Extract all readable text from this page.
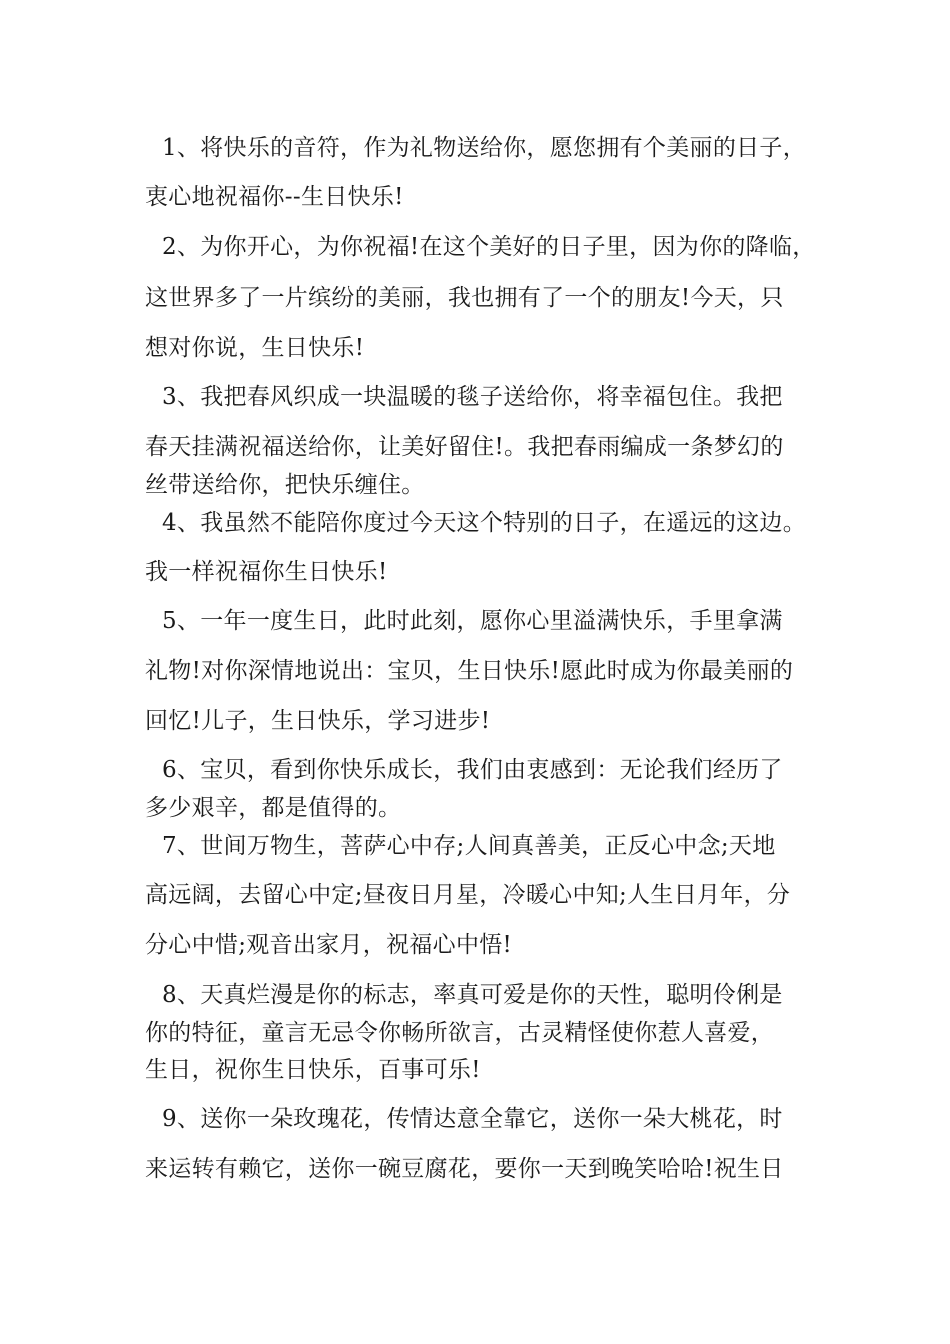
1、将快乐的音符，作为礼物送给你，愿您拥有个美丽的日子，
衷心地祝福你--生日快乐!
2、为你开心，为你祝福!在这个美好的日子里，因为你的降临，
这世界多了一片缤纷的美丽，我也拥有了一个的朋友!今天，只
想对你说，生日快乐!
3、我把春风织成一块温暖的毯子送给你，将幸福包住。我把
春天挂满祝福送给你，让美好留住!。我把春雨编成一条梦幻的
丝带送给你，把快乐缠住。
4、我虽然不能陪你度过今天这个特别的日子，在遥远的这边。
我一样祝福你生日快乐!
5、一年一度生日，此时此刻，愿你心里溢满快乐，手里拿满
礼物!对你深情地说出：宝贝，生日快乐!愿此时成为你最美丽的
回忆!儿子，生日快乐，学习进步!
6、宝贝，看到你快乐成长，我们由衷感到：无论我们经历了
多少艰辛，都是值得的。
7、世间万物生，菩萨心中存;人间真善美，正反心中念;天地
高远阔，去留心中定;昼夜日月星，冷暖心中知;人生日月年，分
分心中惜;观音出家月，祝福心中悟!
8、天真烂漫是你的标志，率真可爱是你的天性，聪明伶俐是
你的特征，童言无忌令你畅所欲言，古灵精怪使你惹人喜爱，
生日，祝你生日快乐，百事可乐!
9、送你一朵玫瑰花，传情达意全靠它，送你一朵大桃花，时
来运转有赖它，送你一碗豆腐花，要你一天到晚笑哈哈!祝生日
